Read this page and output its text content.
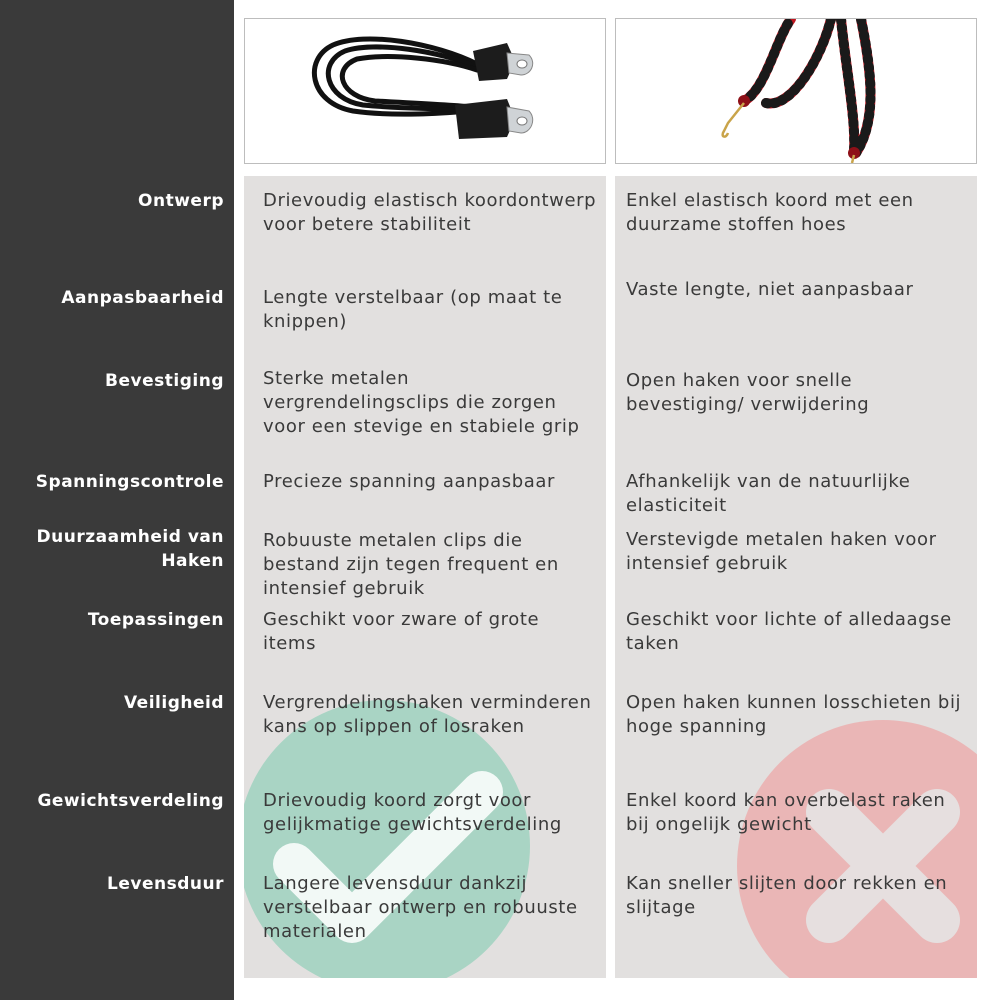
Ontwerp
Aanpasbaarheid
Bevestiging
Spanningscontrole
Duurzaamheid van Haken
Toepassingen
Veiligheid
Gewichtsverdeling
Levensduur
Drievoudig elastisch koordontwerp voor betere stabiliteit
Lengte verstelbaar (op maat te knippen)
Sterke metalen vergrendelingsclips die zorgen voor een stevige en stabiele grip
Precieze spanning aanpasbaar
Robuuste metalen clips die bestand zijn tegen frequent en intensief gebruik
Geschikt voor zware of grote items
Vergrendelingshaken verminderen kans op slippen of losraken
Drievoudig koord zorgt voor gelijkmatige gewichtsverdeling
Langere levensduur dankzij verstelbaar ontwerp en robuuste materialen
Enkel elastisch koord met een duurzame stoffen hoes
Vaste lengte, niet aanpasbaar
Open haken voor snelle bevestiging/ verwijdering
Afhankelijk van de natuurlijke elasticiteit
Verstevigde metalen haken voor intensief gebruik
Geschikt voor lichte of alledaagse taken
Open haken kunnen losschieten bij hoge spanning
Enkel koord kan overbelast raken bij ongelijk gewicht
Kan sneller slijten door rekken en slijtage
